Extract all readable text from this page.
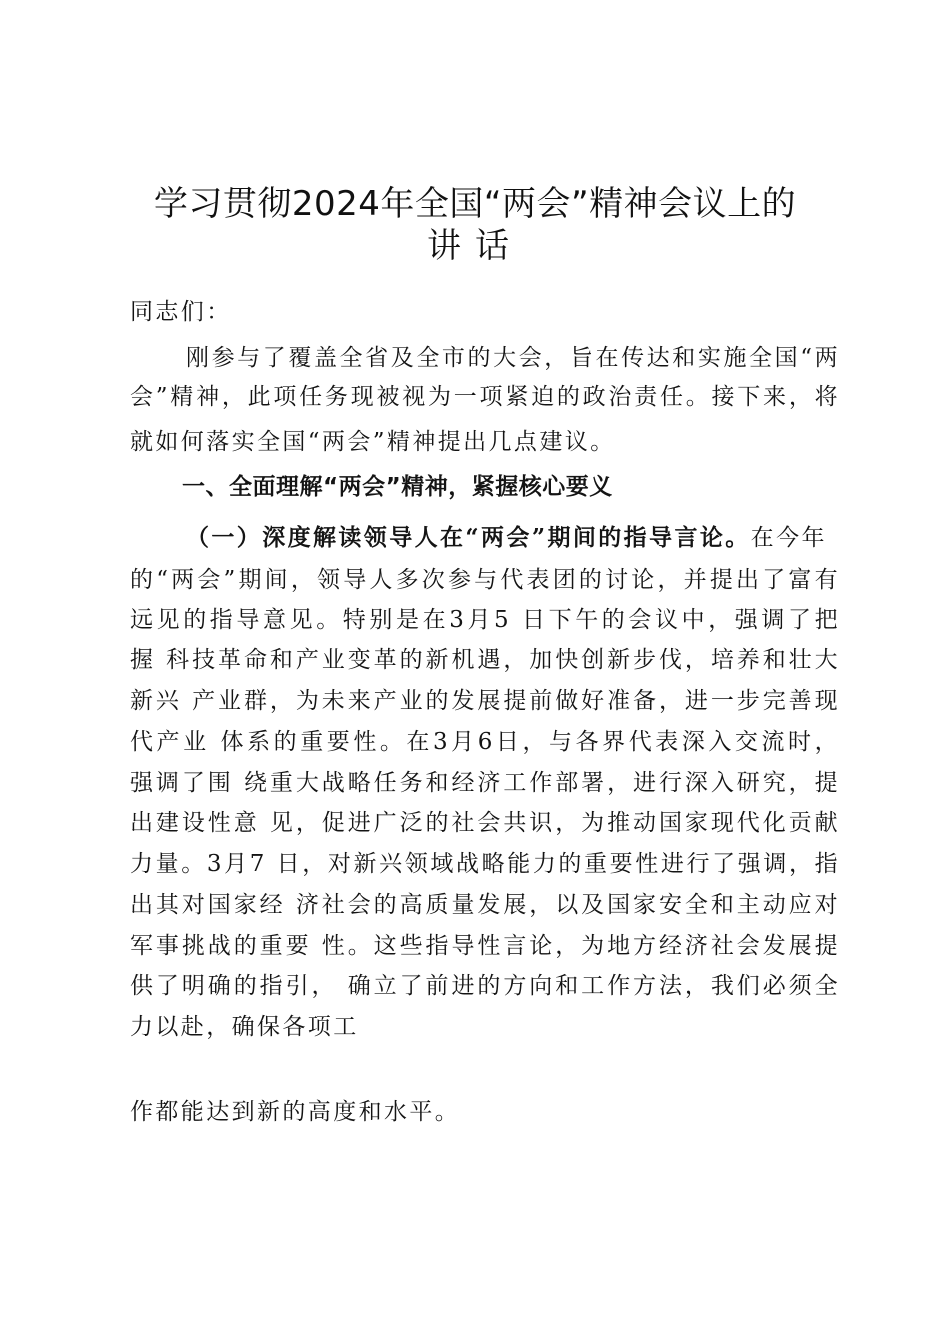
学习贯彻2024年全国“两会”精神会议上的
讲话
同志们：
刚参与了覆盖全省及全市的大会，旨在传达和实施全国“两
会”精神，此项任务现被视为一项紧迫的政治责任。接下来，将
就如何落实全国“两会”精神提出几点建议。
一、全面理解“两会”精神，紧握核心要义
（一）深度解读领导人在“两会”期间的指导言论。在今年
的“两会”期间，领导人多次参与代表团的讨论，并提出了富有
远见的指导意见。特别是在3月5 日下午的会议中，强调了把
握 科技革命和产业变革的新机遇，加快创新步伐，培养和壮大
新兴 产业群，为未来产业的发展提前做好准备，进一步完善现
代产业 体系的重要性。在3月6日，与各界代表深入交流时，
强调了围 绕重大战略任务和经济工作部署，进行深入研究，提
出建设性意 见，促进广泛的社会共识，为推动国家现代化贡献
力量。3月7 日，对新兴领域战略能力的重要性进行了强调，指
出其对国家经 济社会的高质量发展，以及国家安全和主动应对
军事挑战的重要 性。这些指导性言论，为地方经济社会发展提
供了明确的指引， 确立了前进的方向和工作方法，我们必须全
力以赴，确保各项工
作都能达到新的高度和水平。
